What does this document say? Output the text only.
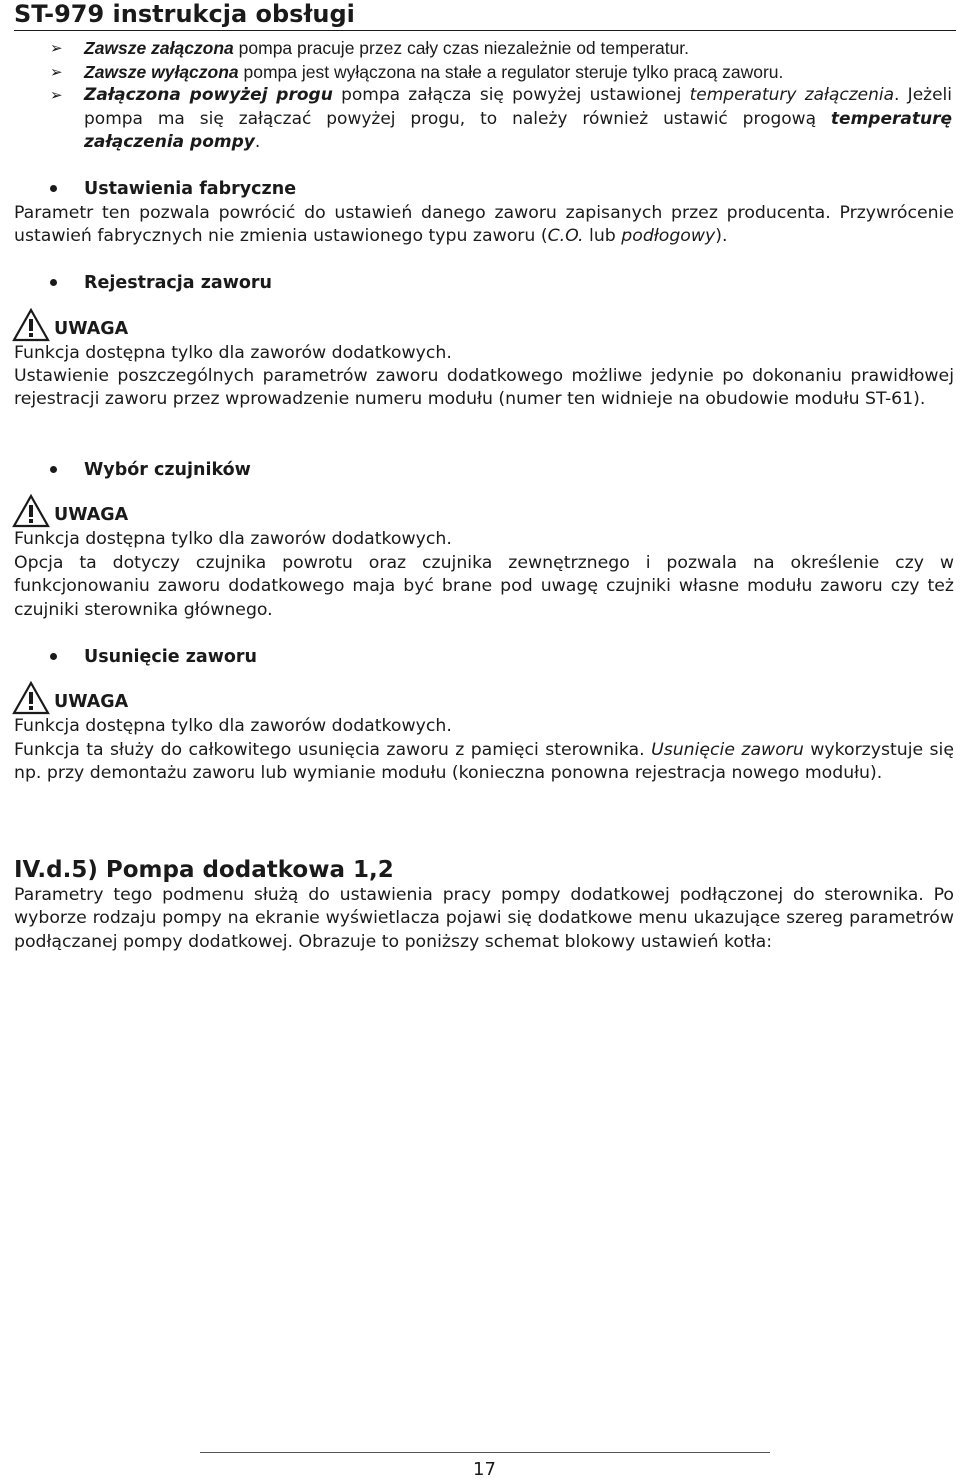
ST-979 instrukcja obsługi
➢ Zawsze załączona pompa pracuje przez cały czas niezależnie od temperatur.
➢ Zawsze wyłączona pompa jest wyłączona na stałe a regulator steruje tylko pracą zaworu.
➢ Załączona powyżej progu pompa załącza się powyżej ustawionej temperatury załączenia. Jeżeli pompa ma się załączać powyżej progu, to należy również ustawić progową temperaturę załączenia pompy.
Ustawienia fabryczne
Parametr ten pozwala powrócić do ustawień danego zaworu zapisanych przez producenta. Przywrócenie ustawień fabrycznych nie zmienia ustawionego typu zaworu (C.O. lub podłogowy).
Rejestracja zaworu
UWAGA
Funkcja dostępna tylko dla zaworów dodatkowych.
Ustawienie poszczególnych parametrów zaworu dodatkowego możliwe jedynie po dokonaniu prawidłowej rejestracji zaworu przez wprowadzenie numeru modułu (numer ten widnieje na obudowie modułu ST-61).
Wybór czujników
UWAGA
Funkcja dostępna tylko dla zaworów dodatkowych.
Opcja ta dotyczy czujnika powrotu oraz czujnika zewnętrznego i pozwala na określenie czy w funkcjonowaniu zaworu dodatkowego maja być brane pod uwagę czujniki własne modułu zaworu czy też czujniki sterownika głównego.
Usunięcie zaworu
UWAGA
Funkcja dostępna tylko dla zaworów dodatkowych.
Funkcja ta służy do całkowitego usunięcia zaworu z pamięci sterownika. Usunięcie zaworu wykorzystuje się np. przy demontażu zaworu lub wymianie modułu (konieczna ponowna rejestracja nowego modułu).
IV.d.5) Pompa dodatkowa 1,2
Parametry tego podmenu służą do ustawienia pracy pompy dodatkowej podłączonej do sterownika. Po wyborze rodzaju pompy na ekranie wyświetlacza pojawi się dodatkowe menu ukazujące szereg parametrów podłączanej pompy dodatkowej. Obrazuje to poniższy schemat blokowy ustawień kotła:
17
